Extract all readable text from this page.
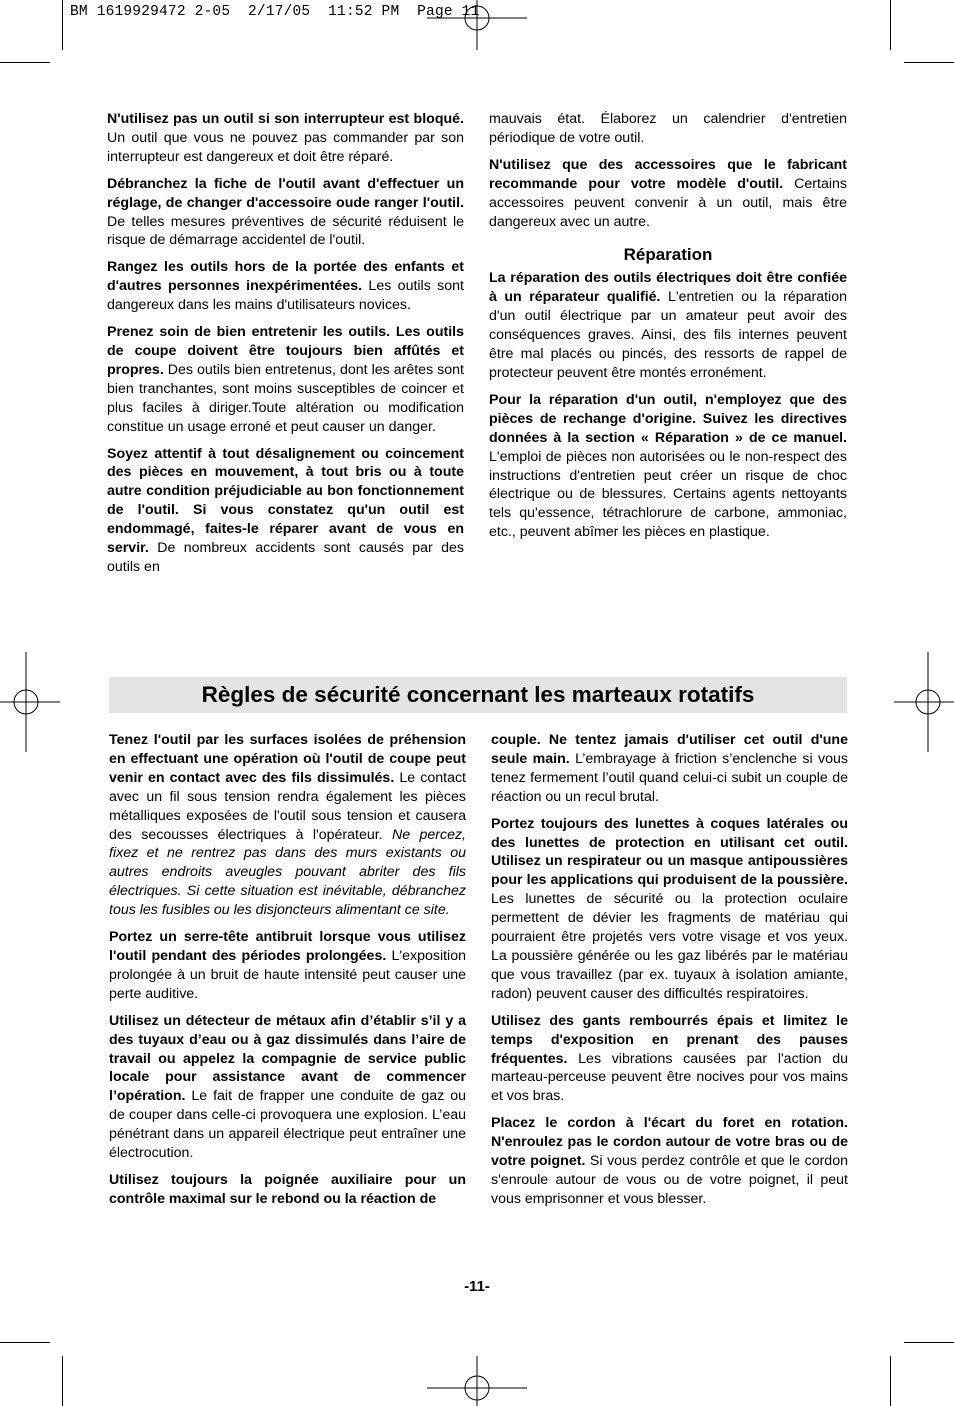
BM 1619929472 2-05  2/17/05  11:52 PM  Page 11

N'utilisez pas un outil si son interrupteur est bloqué. Un outil que vous ne pouvez pas commander par son interrupteur est dangereux et doit être réparé.

Débranchez la fiche de l'outil avant d'effectuer un réglage, de changer d'accessoire oude ranger l'outil. De telles mesures préventives de sécurité réduisent le risque de démarrage accidentel de l'outil.

Rangez les outils hors de la portée des enfants et d'autres personnes inexpérimentées. Les outils sont dangereux dans les mains d'utilisateurs novices.

Prenez soin de bien entretenir les outils. Les outils de coupe doivent être toujours bien affûtés et propres. Des outils bien entretenus, dont les arêtes sont bien tranchantes, sont moins susceptibles de coincer et plus faciles à diriger.Toute altération ou modification constitue un usage erroné et peut causer un danger.

Soyez attentif à tout désalignement ou coincement des pièces en mouvement, à tout bris ou à toute autre condition préjudiciable au bon fonctionnement de l'outil. Si vous constatez qu'un outil est endommagé, faites-le réparer avant de vous en servir. De nombreux accidents sont causés par des outils en

mauvais état. Élaborez un calendrier d'entretien périodique de votre outil.

N'utilisez que des accessoires que le fabricant recommande pour votre modèle d'outil. Certains accessoires peuvent convenir à un outil, mais être dangereux avec un autre.

Réparation

La réparation des outils électriques doit être confiée à un réparateur qualifié. L'entretien ou la réparation d'un outil électrique par un amateur peut avoir des conséquences graves. Ainsi, des fils internes peuvent être mal placés ou pincés, des ressorts de rappel de protecteur peuvent être montés erronément.

Pour la réparation d'un outil, n'employez que des pièces de rechange d'origine. Suivez les directives données à la section « Réparation » de ce manuel. L'emploi de pièces non autorisées ou le non-respect des instructions d'entretien peut créer un risque de choc électrique ou de blessures. Certains agents nettoyants tels qu'essence, tétrachlorure de carbone, ammoniac, etc., peuvent abîmer les pièces en plastique.

Règles de sécurité concernant les marteaux rotatifs

Tenez l'outil par les surfaces isolées de préhension en effectuant une opération où l'outil de coupe peut venir en contact avec des fils dissimulés. Le contact avec un fil sous tension rendra également les pièces métalliques exposées de l'outil sous tension et causera des secousses électriques à l'opérateur. Ne percez, fixez et ne rentrez pas dans des murs existants ou autres endroits aveugles pouvant abriter des fils électriques. Si cette situation est inévitable, débranchez tous les fusibles ou les disjoncteurs alimentant ce site.

Portez un serre-tête antibruit lorsque vous utilisez l'outil pendant des périodes prolongées. L'exposition prolongée à un bruit de haute intensité peut causer une perte auditive.

Utilisez un détecteur de métaux afin d’établir s’il y a des tuyaux d’eau ou à gaz dissimulés dans l’aire de travail ou appelez la compagnie de service public locale pour assistance avant de commencer l’opération. Le fait de frapper une conduite de gaz ou de couper dans celle-ci provoquera une explosion. L’eau pénétrant dans un appareil électrique peut entraîner une électrocution.

Utilisez toujours la poignée auxiliaire pour un contrôle maximal sur le rebond ou la réaction de

couple. Ne tentez jamais d'utiliser cet outil d'une seule main. L’embrayage à friction s’enclenche si vous tenez fermement l’outil quand celui-ci subit un couple de réaction ou un recul brutal.

Portez toujours des lunettes à coques latérales ou des lunettes de protection en utilisant cet outil. Utilisez un respirateur ou un masque antipoussières pour les applications qui produisent de la poussière. Les lunettes de sécurité ou la protection oculaire permettent de dévier les fragments de matériau qui pourraient être projetés vers votre visage et vos yeux. La poussière générée ou les gaz libérés par le matériau que vous travaillez (par ex. tuyaux à isolation amiante, radon) peuvent causer des difficultés respiratoires.

Utilisez des gants rembourrés épais et limitez le temps d'exposition en prenant des pauses fréquentes. Les vibrations causées par l'action du marteau-perceuse peuvent être nocives pour vos mains et vos bras.

Placez le cordon à l'écart du foret en rotation. N'enroulez pas le cordon autour de votre bras ou de votre poignet. Si vous perdez contrôle et que le cordon s'enroule autour de vous ou de votre poignet, il peut vous emprisonner et vous blesser.

-11-
